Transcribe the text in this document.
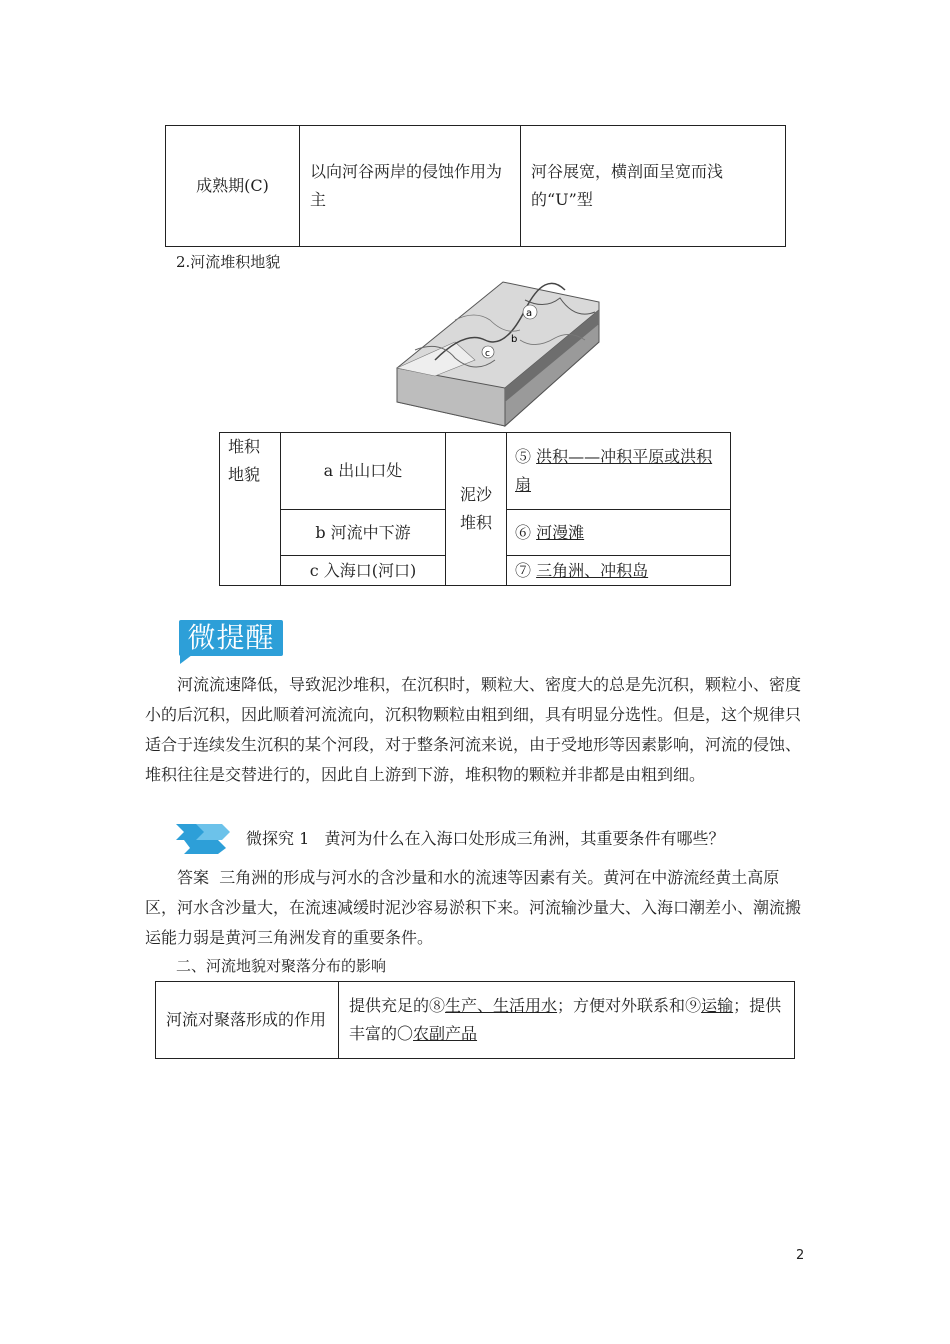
成熟期(C)	以向河谷两岸的侵蚀作用为主	河谷展宽，横剖面呈宽而浅的“U”型
2.河流堆积地貌
a
b
c
堆积地貌	a 出山口处	泥沙堆积	⑤ 洪积——冲积平原或洪积扇
	b 河流中下游		⑥ 河漫滩
	c 入海口(河口)		⑦ 三角洲、冲积岛
微提醒
河流流速降低，导致泥沙堆积，在沉积时，颗粒大、密度大的总是先沉积，颗粒小、密度小的后沉积，因此顺着河流流向，沉积物颗粒由粗到细，具有明显分选性。但是，这个规律只适合于连续发生沉积的某个河段，对于整条河流来说，由于受地形等因素影响，河流的侵蚀、堆积往往是交替进行的，因此自上游到下游，堆积物的颗粒并非都是由粗到细。
微探究 1 黄河为什么在入海口处形成三角洲，其重要条件有哪些？
答案 三角洲的形成与河水的含沙量和水的流速等因素有关。黄河在中游流经黄土高原区，河水含沙量大，在流速减缓时泥沙容易淤积下来。河流输沙量大、入海口潮差小、潮流搬运能力弱是黄河三角洲发育的重要条件。
二、河流地貌对聚落分布的影响
河流对聚落形成的作用	提供充足的⑧生产、生活用水；方便对外联系和⑨运输；提供丰富的〇农副产品
2
